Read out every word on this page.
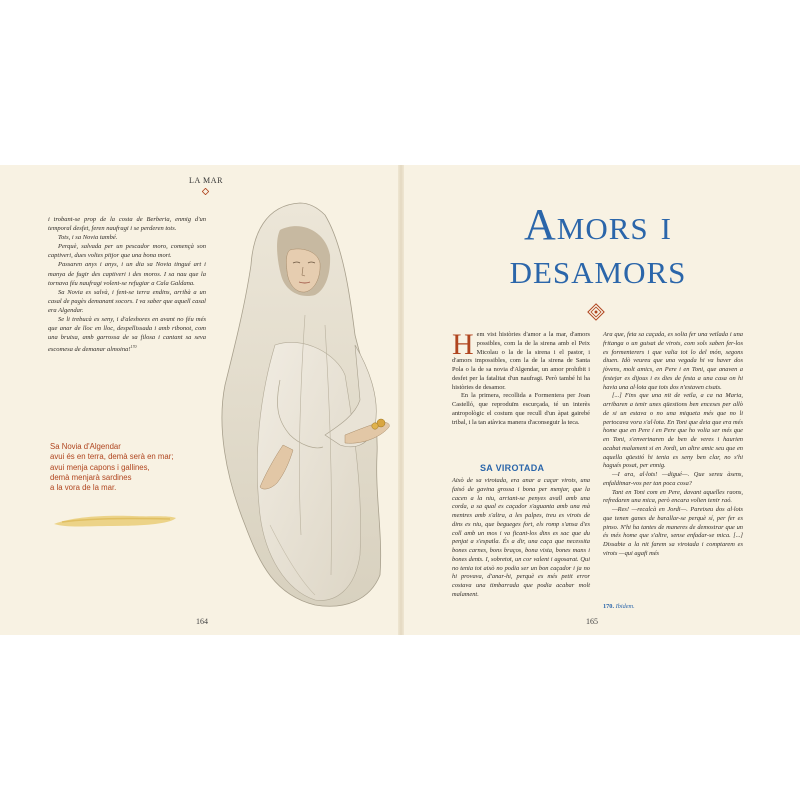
LA MAR

i trobant-se prop de la costa de Berberia, enmig d'un temporal desfet, feren naufragi i se perderen tots.

Tots, i sa Novia també.

Perquè, salvada per un pescador moro, començà son captiveri, dues voltes pitjor que una bona mort.

Passaren anys i anys, i un dia sa Novia tingué art i manya de fugir des captiveri i des moros. I sa nau que la tornava féu naufragi volent-se refugiar a Cala Galdana.

Sa Novia es salvà, i fent-se terra endins, arribà a un casal de pagès demanant socors. I va saber que aquell casal era Algendar.

Se li trebucà es seny, i d'aleshores en avant no féu més que anar de lloc en lloc, despellissada i amb ribonot, com una bruixa, amb garrossa de sa filosa i cantant sa seva escomesa de demanar almoina!$^{170}$

Sa Novia d'Algendar
avui és en terra, demà serà en mar;
avui menja capons i gallines,
demà menjarà sardines
a la vora de la mar.
164
Amors i
desamors

Hem vist històries d'amor a la mar, d'amors possibles, com la de la sirena amb el Peix Micolau o la de la sirena i el pastor, i d'amors impossibles, com la de la sirena de Santa Pola o la de sa novia d'Algendar, un amor prohibit i desfet per la fatalitat d'un naufragi. Però també hi ha històries de desamor.

En la primera, recollida a Formentera per Joan Castelló, que reproduïm escurçada, té un interès antropològic el costum que recull d'un àpat gairebé tribal, i la tan atàvica manera d'aconseguir la teca.

SA VIROTADA

Això de sa virotada, era anar a caçar virots, una faisó de gavina grossa i bona per menjar, que la cacen a la niu, arriant-se penyes avall amb una corda, a sa qual es caçador s'aguanta amb una mà mentres amb s'altra, a les palpes, treu es virots de dins es niu, que begueges fort, els romp s'ansa d'es coll amb un mos i va ficant-los dins es sac que du penjat a s'espatla. És a dir, una caça que necessita bones carnes, bons braços, bona vista, bones mans i bones dents. I, sobretot, un cor valent i agosarat. Qui no tenia tot això no podia ser un bon caçador i ja no hi provava, d'anar-hi, perquè es més petit error costava una timbarrada que podia acabar molt malament.

Ara que, feta sa caçada, es solia fer una vetlada i una fritanga o un guisat de virots, com sols saben fer-los es formenterers i que valia tot lo del món, segons diuen. Idò veureu que una vegada hi va haver dos jòvens, molt amics, en Pere i en Toni, que anaven a festejar es dijous i es dies de festa a una casa on hi havia una al·lota que tots dos n'estaven cisats.

[...] Fins que una nit de vetla, a ca na Maria, arribaren a tenir unes qüestions ben enceses per allò de si un estava o no una miqueta més que no li pertocava vora s'al·lota. En Toni que deia que era més home que en Pere i en Pere que ho volia ser més que en Toni, s'enverinaren de ben de veres i haurien acabat malament si en Jordi, un altre amic seu que en aquella qüestió hi tenia es seny ben clar, no s'hi hagués posat, per ennig.

—I ara, al·lots! —digué—. Que sereu àsens, enfaldimar-vos per tan poca cosa?

Tant en Toni com en Pere, davant aquelles raons, refredaren una mica, però encara volien tenir raó.

—Res! —recalcà en Jordi—. Pareixeu dos al·lots que tenen ganes de barallar-se perquè sí, per fer es pinso. N'hi ha tantes de maneres de demostrar que un és més home que s'altre, sense enfadar-se mica. [...] Dissabte a la nit farem sa virotada i comptarem es virots —qui agafi més

170. Ibidem.
165
